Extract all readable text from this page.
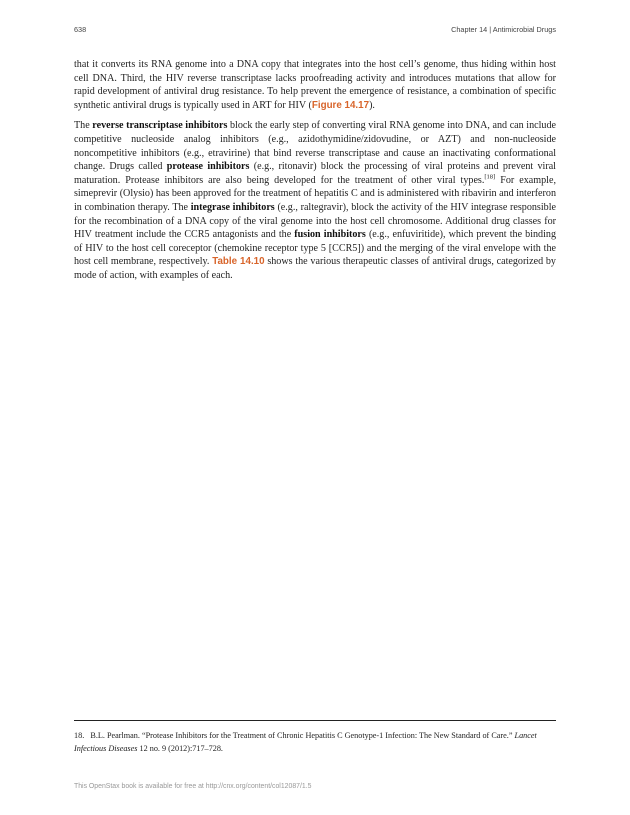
638	Chapter 14 | Antimicrobial Drugs

that it converts its RNA genome into a DNA copy that integrates into the host cell’s genome, thus hiding within host cell DNA. Third, the HIV reverse transcriptase lacks proofreading activity and introduces mutations that allow for rapid development of antiviral drug resistance. To help prevent the emergence of resistance, a combination of specific synthetic antiviral drugs is typically used in ART for HIV (Figure 14.17).

The reverse transcriptase inhibitors block the early step of converting viral RNA genome into DNA, and can include competitive nucleoside analog inhibitors (e.g., azidothymidine/zidovudine, or AZT) and non-nucleoside noncompetitive inhibitors (e.g., etravirine) that bind reverse transcriptase and cause an inactivating conformational change. Drugs called protease inhibitors (e.g., ritonavir) block the processing of viral proteins and prevent viral maturation. Protease inhibitors are also being developed for the treatment of other viral types.[18] For example, simeprevir (Olysio) has been approved for the treatment of hepatitis C and is administered with ribavirin and interferon in combination therapy. The integrase inhibitors (e.g., raltegravir), block the activity of the HIV integrase responsible for the recombination of a DNA copy of the viral genome into the host cell chromosome. Additional drug classes for HIV treatment include the CCR5 antagonists and the fusion inhibitors (e.g., enfuviritide), which prevent the binding of HIV to the host cell coreceptor (chemokine receptor type 5 [CCR5]) and the merging of the viral envelope with the host cell membrane, respectively. Table 14.10 shows the various therapeutic classes of antiviral drugs, categorized by mode of action, with examples of each.

18. B.L. Pearlman. “Protease Inhibitors for the Treatment of Chronic Hepatitis C Genotype-1 Infection: The New Standard of Care.” Lancet Infectious Diseases 12 no. 9 (2012):717–728.
This OpenStax book is available for free at http://cnx.org/content/col12087/1.5
